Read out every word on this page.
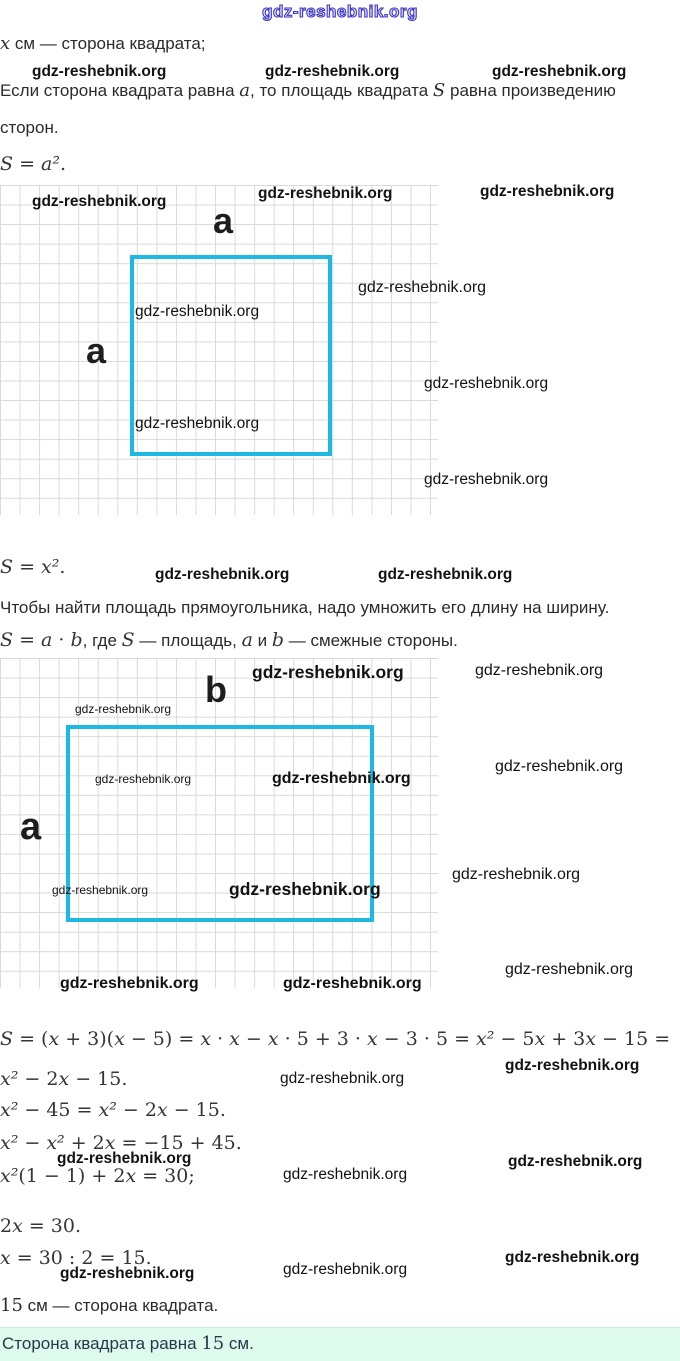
gdz-reshebnik.org
x см — сторона квадрата;
gdz-reshebnik.org	gdz-reshebnik.org	gdz-reshebnik.org
Если сторона квадрата равна a, то площадь квадрата S равна произведению
сторон.
S = a².
gdz-reshebnik.org	gdz-reshebnik.org
a
gdz-reshebnik.org
gdz-reshebnik.org
a
gdz-reshebnik.org
gdz-reshebnik.org
gdz-reshebnik.org
gdz-reshebnik.org
S = x².	gdz-reshebnik.org	gdz-reshebnik.org
Чтобы найти площадь прямоугольника, надо умножить его длину на ширину.
S = a · b, где S — площадь, a и b — смежные стороны.
gdz-reshebnik.org b gdz-reshebnik.org
gdz-reshebnik.org	gdz-reshebnik.org
a
gdz-reshebnik.org	gdz-reshebnik.org
gdz-reshebnik.org	gdz-reshebnik.org
gdz-reshebnik.org
gdz-reshebnik.org
gdz-reshebnik.org
gdz-reshebnik.org
S = (x + 3)(x − 5) = x · x − x · 5 + 3 · x − 3 · 5 = x² − 5x + 3x − 15 =
x² − 2x − 15.	gdz-reshebnik.org
gdz-reshebnik.org
x² − 45 = x² − 2x − 15.
x² − x² + 2x = −15 + 45.
gdz-reshebnik.org
x²(1 − 1) + 2x = 30;	gdz-reshebnik.org
gdz-reshebnik.org
2x = 30.
x = 30 : 2 = 15.
gdz-reshebnik.org	gdz-reshebnik.org
gdz-reshebnik.org
15 см — сторона квадрата.
Сторона квадрата равна 15 см.
